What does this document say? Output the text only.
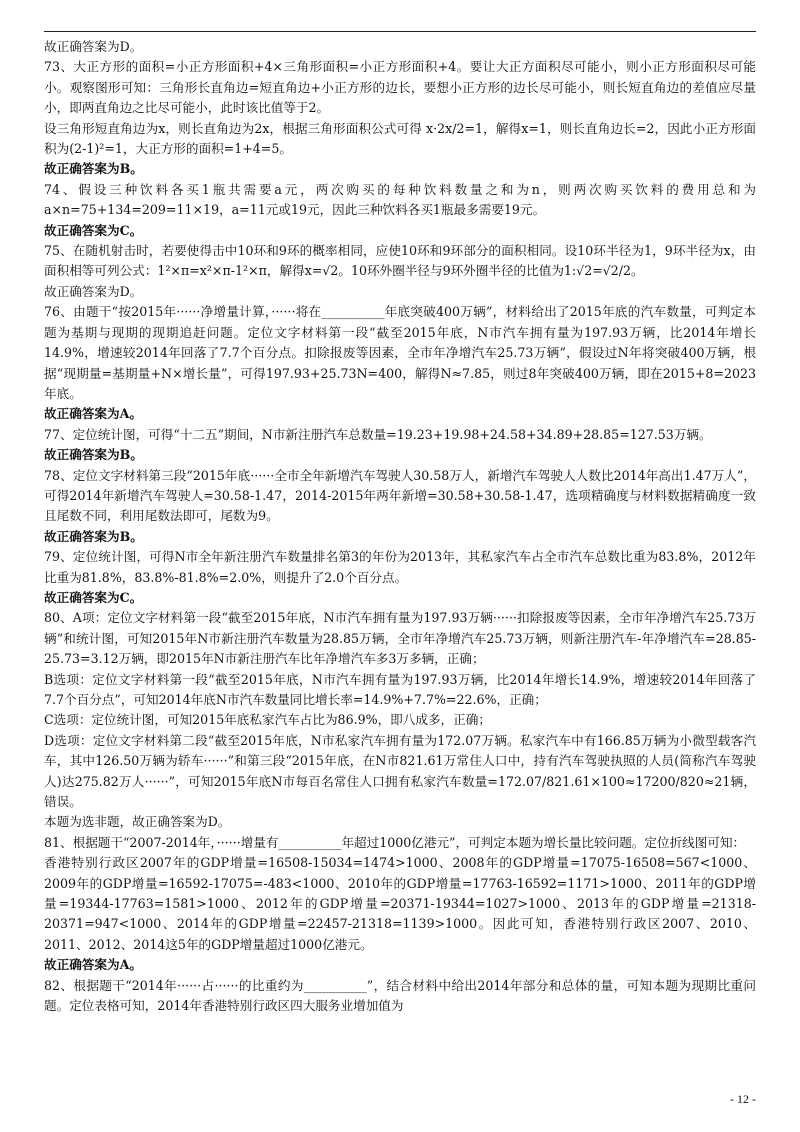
故正确答案为D。

73、大正方形的面积=小正方形面积+4×三角形面积=小正方形面积+4。要让大正方面积尽可能小，则小正方形面积尽可能小。观察图形可知：三角形长直角边=短直角边+小正方形的边长，要想小正方形的边长尽可能小，则长短直角边的差值应尽量小，即两直角边之比尽可能小，此时该比值等于2。

设三角形短直角边为x，则长直角边为2x，根据三角形面积公式可得 x·2x/2=1，解得x=1，则长直角边长=2，因此小正方形面积为(2-1)²=1，大正方形的面积=1+4=5。

故正确答案为B。

74、假设三种饮料各买1瓶共需要a元，两次购买的每种饮料数量之和为n，则两次购买饮料的费用总和为a×n=75+134=209=11×19，a=11元或19元，因此三种饮料各买1瓶最多需要19元。

故正确答案为C。

75、在随机射击时，若要使得击中10环和9环的概率相同，应使10环和9环部分的面积相同。设10环半径为1，9环半径为x，由面积相等可列公式：1²×π=x²×π-1²×π，解得x=√2。10环外圈半径与9环外圈半径的比值为1:√2=√2/2。

故正确答案为D。

76、由题干“按2015年······净增量计算，······将在__________年底突破400万辆”，材料给出了2015年底的汽车数量，可判定本题为基期与现期的现期追赶问题。定位文字材料第一段“截至2015年底，N市汽车拥有量为197.93万辆，比2014年增长14.9%，增速较2014年回落了7.7个百分点。扣除报废等因素，全市年净增汽车25.73万辆”，假设过N年将突破400万辆，根据“现期量=基期量+N×增长量”，可得197.93+25.73N=400，解得N≈7.85，则过8年突破400万辆，即在2015+8=2023年底。

故正确答案为A。

77、定位统计图，可得“十二五”期间，N市新注册汽车总数量=19.23+19.98+24.58+34.89+28.85=127.53万辆。

故正确答案为B。

78、定位文字材料第三段“2015年底······全市全年新增汽车驾驶人30.58万人，新增汽车驾驶人人数比2014年高出1.47万人”，可得2014年新增汽车驾驶人=30.58-1.47，2014-2015年两年新增=30.58+30.58-1.47，选项精确度与材料数据精确度一致且尾数不同，利用尾数法即可，尾数为9。

故正确答案为B。

79、定位统计图，可得N市全年新注册汽车数量排名第3的年份为2013年，其私家汽车占全市汽车总数比重为83.8%，2012年比重为81.8%，83.8%-81.8%=2.0%，则提升了2.0个百分点。

故正确答案为C。

80、A项：定位文字材料第一段“截至2015年底，N市汽车拥有量为197.93万辆······扣除报废等因素，全市年净增汽车25.73万辆”和统计图，可知2015年N市新注册汽车数量为28.85万辆，全市年净增汽车25.73万辆，则新注册汽车-年净增汽车=28.85-25.73=3.12万辆，即2015年N市新注册汽车比年净增汽车多3万多辆，正确；

B选项：定位文字材料第一段“截至2015年底，N市汽车拥有量为197.93万辆，比2014年增长14.9%，增速较2014年回落了7.7个百分点”，可知2014年底N市汽车数量同比增长率=14.9%+7.7%=22.6%，正确；

C选项：定位统计图，可知2015年底私家汽车占比为86.9%，即八成多，正确；

D选项：定位文字材料第二段“截至2015年底，N市私家汽车拥有量为172.07万辆。私家汽车中有166.85万辆为小微型载客汽车，其中126.50万辆为轿车······”和第三段“2015年底，在N市821.61万常住人口中，持有汽车驾驶执照的人员(简称汽车驾驶人)达275.82万人······”，可知2015年底N市每百名常住人口拥有私家汽车数量=172.07/821.61×100≈17200/820≈21辆，错误。

本题为选非题，故正确答案为D。

81、根据题干“2007-2014年，······增量有__________年超过1000亿港元”，可判定本题为增长量比较问题。定位折线图可知：

香港特别行政区2007年的GDP增量=16508-15034=1474>1000、2008年的GDP增量=17075-16508=567<1000、2009年的GDP增量=16592-17075=-483<1000、2010年的GDP增量=17763-16592=1171>1000、2011年的GDP增量=19344-17763=1581>1000、2012年的GDP增量=20371-19344=1027>1000、2013年的GDP增量=21318-20371=947<1000、2014年的GDP增量=22457-21318=1139>1000。因此可知，香港特别行政区2007、2010、2011、2012、2014这5年的GDP增量超过1000亿港元。

故正确答案为A。

82、根据题干“2014年······占······的比重约为__________”，结合材料中给出2014年部分和总体的量，可知本题为现期比重问题。定位表格可知，2014年香港特别行政区四大服务业增加值为

- 12 -
